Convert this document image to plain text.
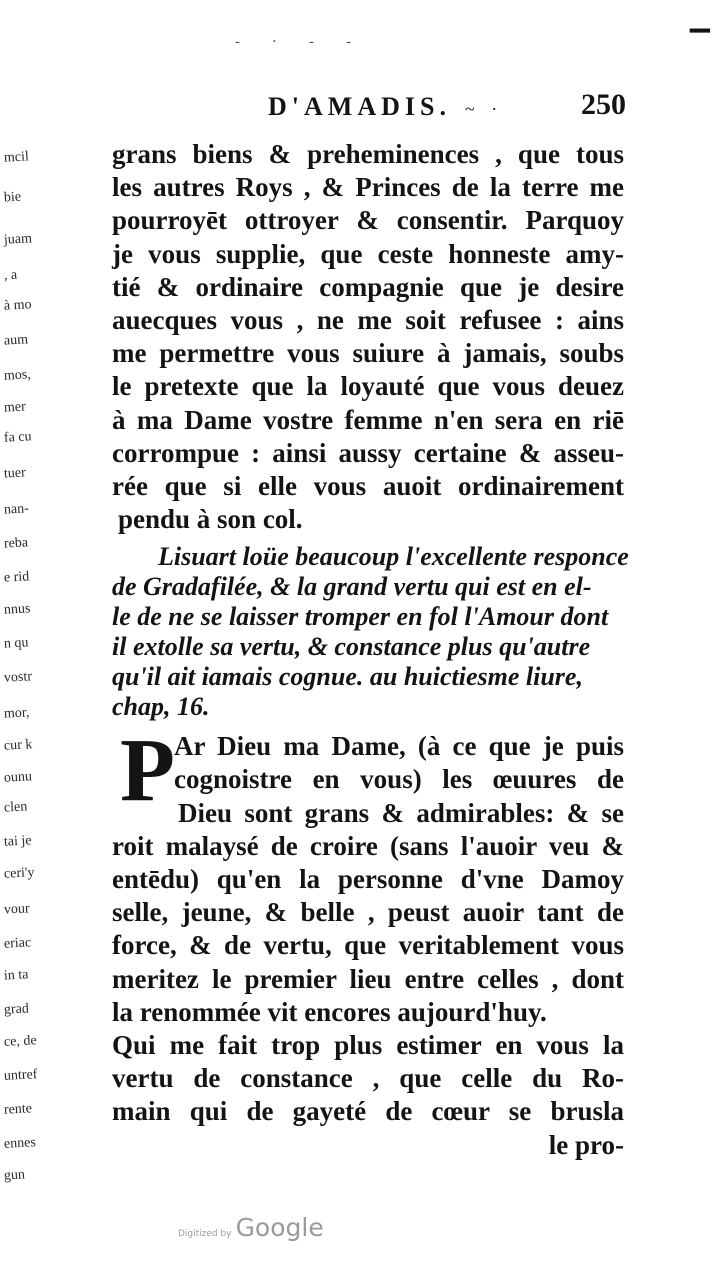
mcil
bie
juam
, a
à mo
aum
mos,
mer
fa cu
tuer
nan-
reba
e rid
nnus
n qu
vostr
mor,
cur k
ounu
clen
tai je
ceri'y
vour
eriac
in ta
grad
ce, de
untref
rente
ennes
gun
- · - -	▔
D'AMADIS. ~ ·	250
grans biens & preheminences , que tous
les autres Roys , & Princes de la terre me
pourroyēt ottroyer & consentir. Parquoy
je vous supplie, que ceste honneste amy-
tié & ordinaire compagnie que je desire
auecques vous , ne me soit refusee : ains
me permettre vous suiure à jamais, soubs
le pretexte que la loyauté que vous deuez
à ma Dame vostre femme n'en sera en riē
corrompue : ainsi aussy certaine & asseu-
rée que si elle vous auoit ordinairement
pendu à son col.
Lisuart loüe beaucoup l'excellente responce
de Gradafilée, & la grand vertu qui est en el-
le de ne se laisser tromper en fol l'Amour dont
il extolle sa vertu, & constance plus qu'autre
qu'il ait iamais cognue. au huictiesme liure,
chap, 16.
P Ar Dieu ma Dame, (à ce que je puis
cognoistre en vous) les œuures de
Dieu sont grans & admirables: & se
roit malaysé de croire (sans l'auoir veu &
entēdu) qu'en la personne d'vne Damoy
selle, jeune, & belle , peust auoir tant de
force, & de vertu, que veritablement vous
meritez le premier lieu entre celles , dont
la renommée vit encores aujourd'huy.
Qui me fait trop plus estimer en vous la
vertu de constance , que celle du Ro-
main qui de gayeté de cœur se brusla
le pro-
Digitized by Google
